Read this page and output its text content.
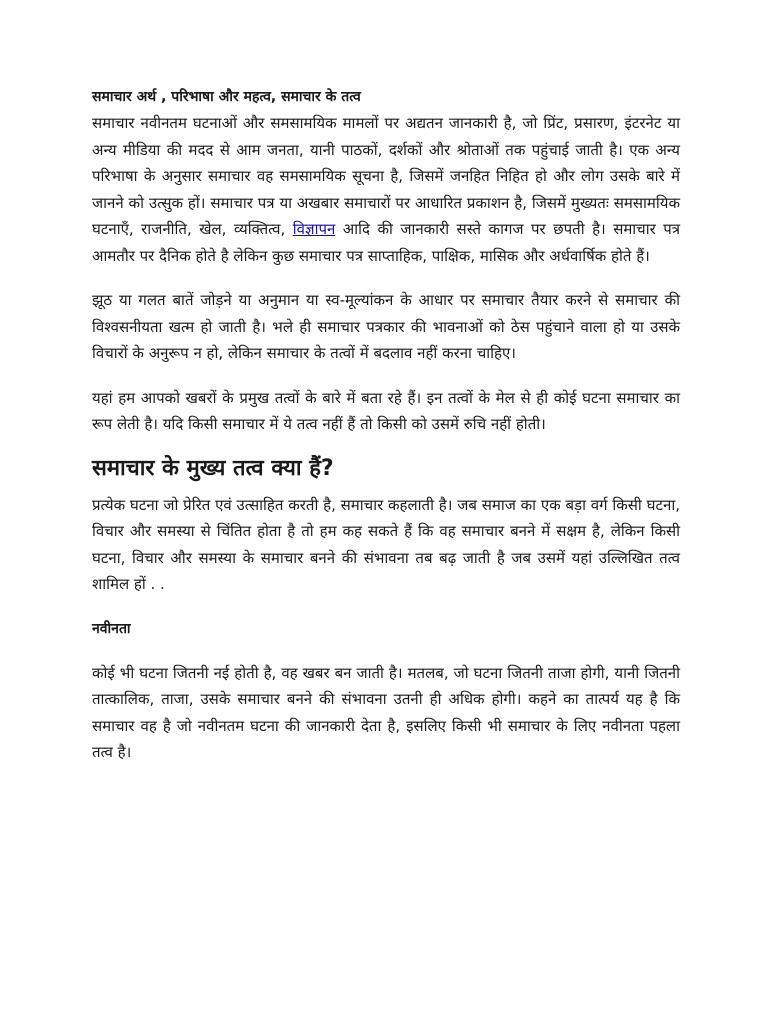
समाचार अर्थ , परिभाषा और महत्व, समाचार के तत्व

समाचार नवीनतम घटनाओं और समसामयिक मामलों पर अद्यतन जानकारी है, जो प्रिंट, प्रसारण, इंटरनेट या अन्य मीडिया की मदद से आम जनता, यानी पाठकों, दर्शकों और श्रोताओं तक पहुंचाई जाती है। एक अन्य परिभाषा के अनुसार समाचार वह समसामयिक सूचना है, जिसमें जनहित निहित हो और लोग उसके बारे में जानने को उत्सुक हों। समाचार पत्र या अखबार समाचारों पर आधारित प्रकाशन है, जिसमें मुख्यतः समसामयिक घटनाएँ, राजनीति, खेल, व्यक्तित्व, विज्ञापन आदि की जानकारी सस्ते कागज पर छपती है। समाचार पत्र आमतौर पर दैनिक होते है लेकिन कुछ समाचार पत्र साप्ताहिक, पाक्षिक, मासिक और अर्धवार्षिक होते हैं।

झूठ या गलत बातें जोड़ने या अनुमान या स्व-मूल्यांकन के आधार पर समाचार तैयार करने से समाचार की विश्वसनीयता खत्म हो जाती है। भले ही समाचार पत्रकार की भावनाओं को ठेस पहुंचाने वाला हो या उसके विचारों के अनुरूप न हो, लेकिन समाचार के तत्वों में बदलाव नहीं करना चाहिए।

यहां हम आपको खबरों के प्रमुख तत्वों के बारे में बता रहे हैं। इन तत्वों के मेल से ही कोई घटना समाचार का रूप लेती है। यदि किसी समाचार में ये तत्व नहीं हैं तो किसी को उसमें रुचि नहीं होती।

समाचार के मुख्य तत्व क्या हैं?

प्रत्येक घटना जो प्रेरित एवं उत्साहित करती है, समाचार कहलाती है। जब समाज का एक बड़ा वर्ग किसी घटना, विचार और समस्या से चिंतित होता है तो हम कह सकते हैं कि वह समाचार बनने में सक्षम है, लेकिन किसी घटना, विचार और समस्या के समाचार बनने की संभावना तब बढ़ जाती है जब उसमें यहां उल्लिखित तत्व शामिल हों . .

नवीनता

कोई भी घटना जितनी नई होती है, वह खबर बन जाती है। मतलब, जो घटना जितनी ताजा होगी, यानी जितनी तात्कालिक, ताजा, उसके समाचार बनने की संभावना उतनी ही अधिक होगी। कहने का तात्पर्य यह है कि समाचार वह है जो नवीनतम घटना की जानकारी देता है, इसलिए किसी भी समाचार के लिए नवीनता पहला तत्व है।
